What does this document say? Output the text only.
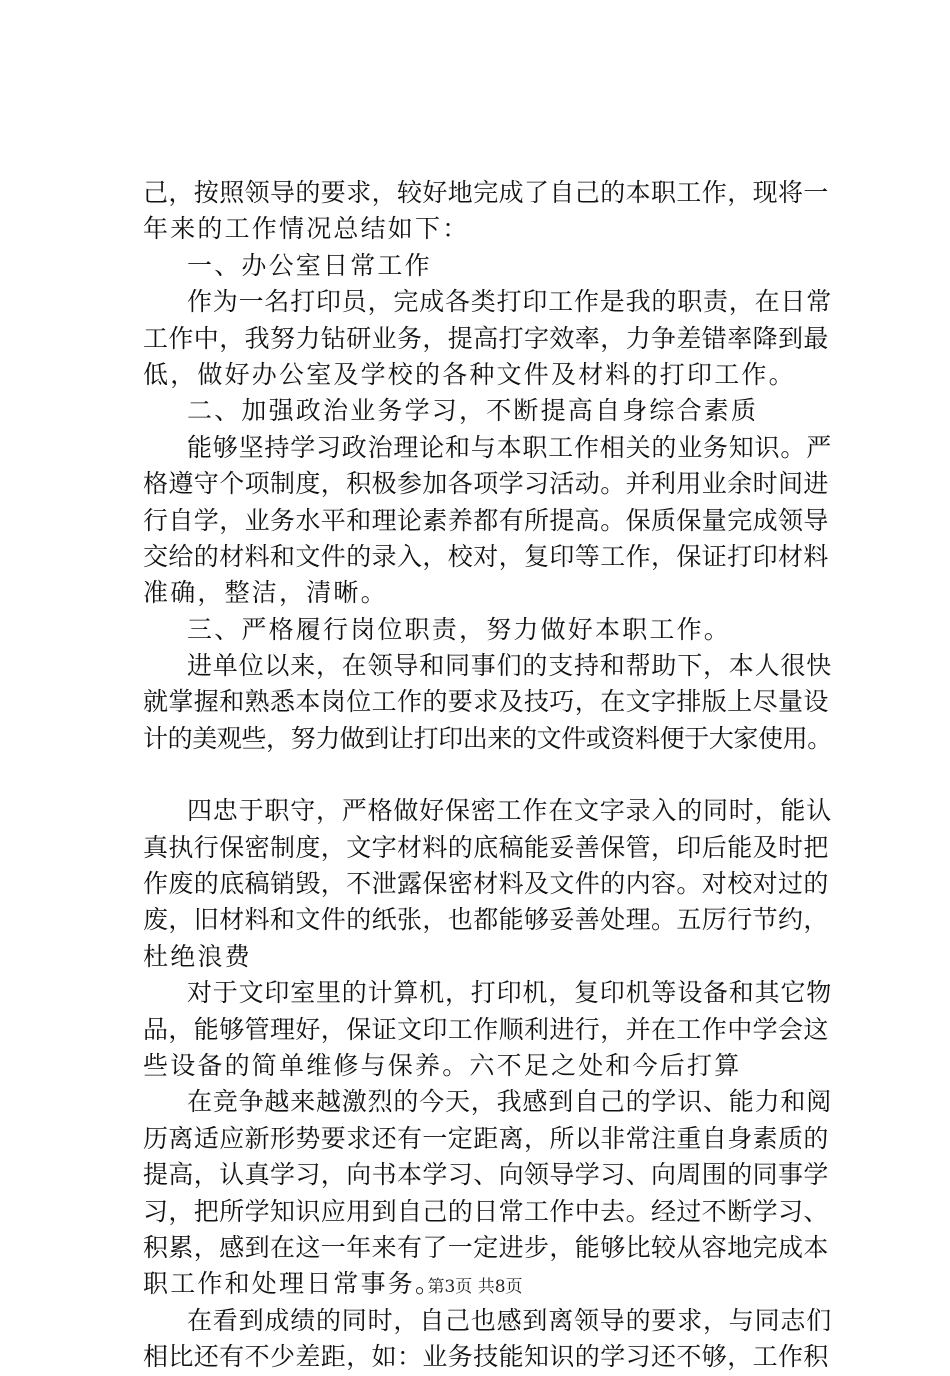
己，按照领导的要求，较好地完成了自己的本职工作，现将一
年来的工作情况总结如下：
一、办公室日常工作
作为一名打印员，完成各类打印工作是我的职责，在日常
工作中，我努力钻研业务，提高打字效率，力争差错率降到最
低，做好办公室及学校的各种文件及材料的打印工作。
二、加强政治业务学习，不断提高自身综合素质
能够坚持学习政治理论和与本职工作相关的业务知识。严
格遵守个项制度，积极参加各项学习活动。并利用业余时间进
行自学，业务水平和理论素养都有所提高。保质保量完成领导
交给的材料和文件的录入，校对，复印等工作，保证打印材料
准确，整洁，清晰。
三、严格履行岗位职责，努力做好本职工作。
进单位以来，在领导和同事们的支持和帮助下，本人很快
就掌握和熟悉本岗位工作的要求及技巧，在文字排版上尽量设
计的美观些，努力做到让打印出来的文件或资料便于大家使用。
四忠于职守，严格做好保密工作在文字录入的同时，能认
真执行保密制度，文字材料的底稿能妥善保管，印后能及时把
作废的底稿销毁，不泄露保密材料及文件的内容。对校对过的
废，旧材料和文件的纸张，也都能够妥善处理。五厉行节约，
杜绝浪费
对于文印室里的计算机，打印机，复印机等设备和其它物
品，能够管理好，保证文印工作顺利进行，并在工作中学会这
些设备的简单维修与保养。六不足之处和今后打算
在竞争越来越激烈的今天，我感到自己的学识、能力和阅
历离适应新形势要求还有一定距离，所以非常注重自身素质的
提高，认真学习，向书本学习、向领导学习、向周围的同事学
习，把所学知识应用到自己的日常工作中去。经过不断学习、
积累，感到在这一年来有了一定进步，能够比较从容地完成本
职工作和处理日常事务。
在看到成绩的同时，自己也感到离领导的要求，与同志们
相比还有不少差距，如：业务技能知识的学习还不够，工作积
第3页 共8页
